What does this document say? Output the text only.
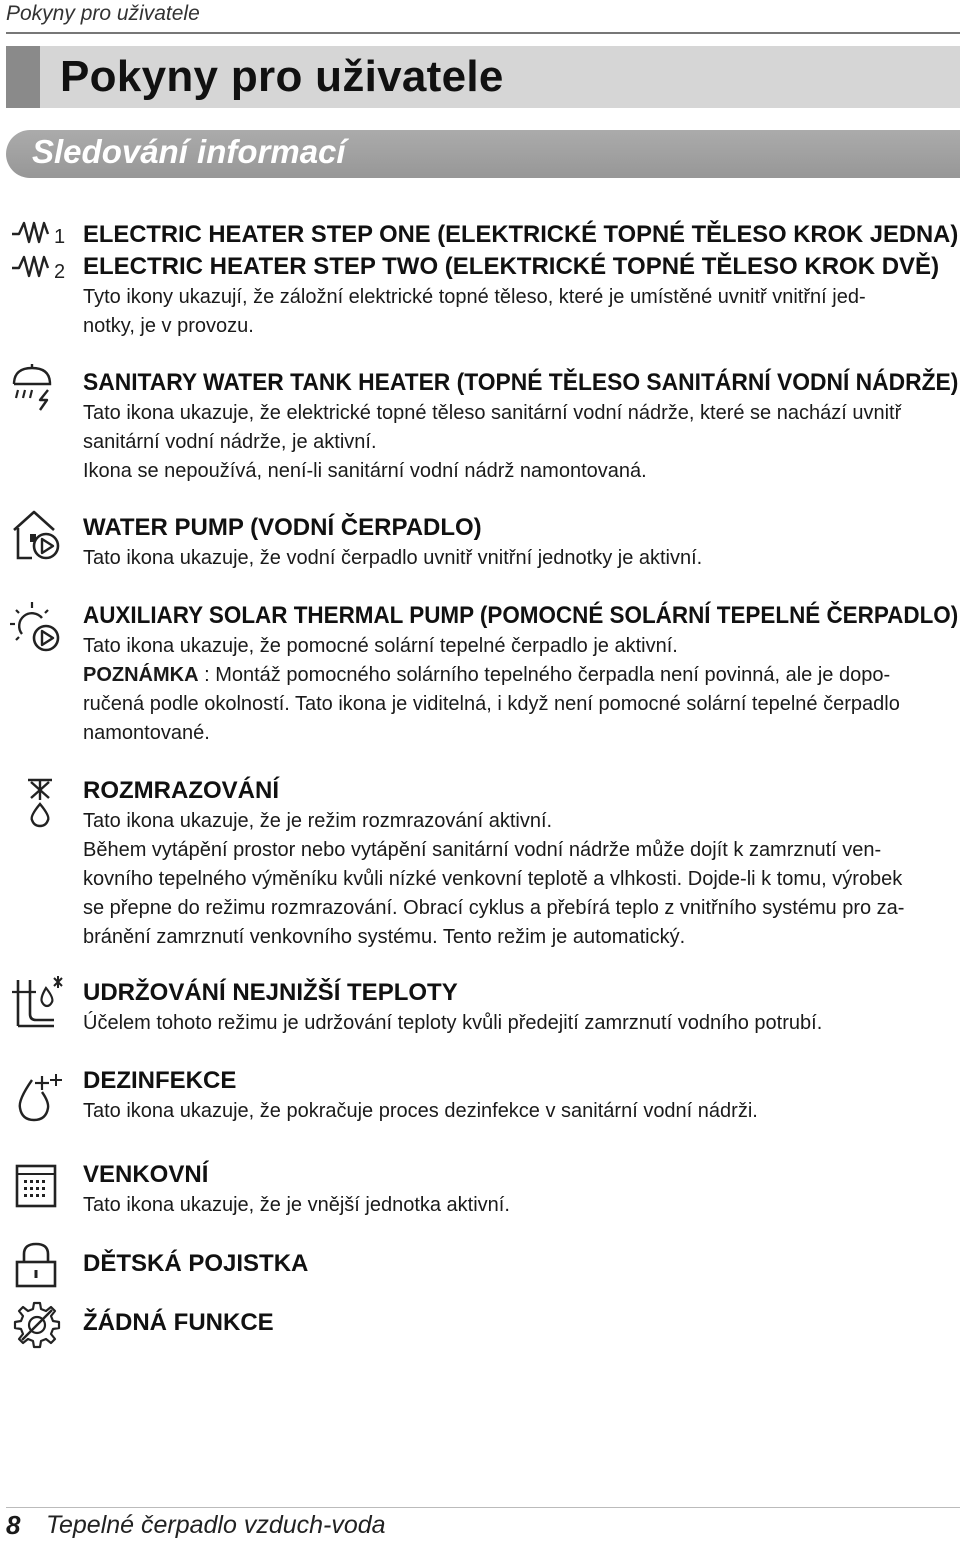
Pokyny pro uživatele
Pokyny pro uživatele
Sledování informací
1
2
ELECTRIC HEATER STEP ONE (ELEKTRICKÉ TOPNÉ TĚLESO KROK JEDNA)
ELECTRIC HEATER STEP TWO (ELEKTRICKÉ TOPNÉ TĚLESO KROK DVĚ)

Tyto ikony ukazují, že záložní elektrické topné těleso, které je umístěné uvnitř vnitřní jed-

notky, je v provozu.

SANITARY WATER TANK HEATER (TOPNÉ TĚLESO SANITÁRNÍ VODNÍ NÁDRŽE)

Tato ikona ukazuje, že elektrické topné těleso sanitární vodní nádrže, které se nachází uvnitř

sanitární vodní nádrže, je aktivní.

Ikona se nepoužívá, není-li sanitární vodní nádrž namontovaná.

WATER PUMP (VODNÍ ČERPADLO)

Tato ikona ukazuje, že vodní čerpadlo uvnitř vnitřní jednotky je aktivní.

AUXILIARY SOLAR THERMAL PUMP (POMOCNÉ SOLÁRNÍ TEPELNÉ ČERPADLO)

Tato ikona ukazuje, že pomocné solární tepelné čerpadlo je aktivní.

POZNÁMKA : Montáž pomocného solárního tepelného čerpadla není povinná, ale je dopo-

ručená podle okolností. Tato ikona je viditelná, i když není pomocné solární tepelné čerpadlo

namontované.

ROZMRAZOVÁNÍ

Tato ikona ukazuje, že je režim rozmrazování aktivní.

Během vytápění prostor nebo vytápění sanitární vodní nádrže může dojít k zamrznutí ven-

kovního tepelného výměníku kvůli nízké venkovní teplotě a vlhkosti. Dojde-li k tomu, výrobek

se přepne do režimu rozmrazování. Obrací cyklus a přebírá teplo z vnitřního systému pro za-

bránění zamrznutí venkovního systému. Tento režim je automatický.

UDRŽOVÁNÍ NEJNIŽŠÍ TEPLOTY

Účelem tohoto režimu je udržování teploty kvůli předejití zamrznutí vodního potrubí.

DEZINFEKCE

Tato ikona ukazuje, že pokračuje proces dezinfekce v sanitární vodní nádrži.

VENKOVNÍ

Tato ikona ukazuje, že je vnější jednotka aktivní.

DĚTSKÁ POJISTKA
ŽÁDNÁ FUNKCE
8 Tepelné čerpadlo vzduch-voda
